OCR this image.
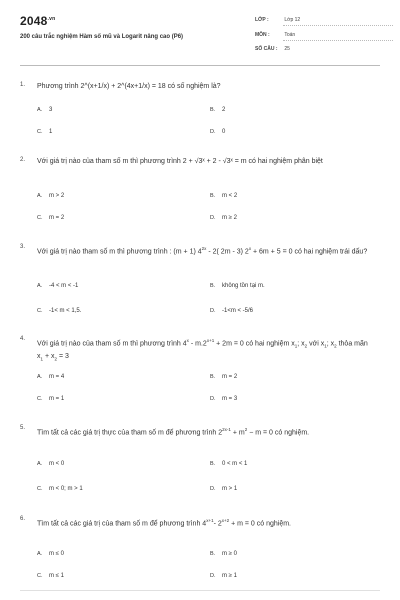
$2048^{.vn}$
200 câu trắc nghiệm Hàm số mũ và Logarit nâng cao (P6)
LỚP :	Lớp 12
MÔN :	Toán
SỐ CÂU : 25
1. Phương trình 2^(x+1/x) + 2^(4x+1/x) = 18 có số nghiệm là?
A. 3	B. 2
C. 1	D. 0
2. Với giá trị nào của tham số m thì phương trình 2 + √3ˣ + 2 - √3ˣ = m có hai nghiệm phân biệt
A. m > 2	B. m < 2
C. m = 2	D. m ≥ 2
3.
Với giá trị nào tham số m thì phương trình : (m + 1) $4^{2x} - 2$( 2m - 3) $2^x + 6m + 5 = 0$ có hai nghiệm trái dấu?
A. -4 < m < -1	B. không tồn tại m.
C. -1< m < 1,5.	D. -1<m < -5/6
4.
Với giá trị nào của tham số m thì phương trình $4^x - m.2^{x+1} + 2m = 0$ có hai nghiệm $x_1$; $x_2$ với $x_1$; $x_2$ thỏa mãn $x_1 + x_2 = 3$
A. m = 4	B. m = 2
C. m = 1	D. m = 3
5.
Tìm tất cả các giá trị thực của tham số m để phương trình $2^{2x-1} + m^2 - m = 0$ có nghiệm.
A. m < 0	B. 0 < m < 1
C. m < 0; m > 1	D. m > 1
6.
Tìm tất cả các giá trị của tham số m để phương trình $4^{x+1}-$ $2^{x+2} + m = 0$ có nghiệm.
A. m ≤ 0	B. m ≥ 0
C. m ≤ 1	D. m ≥ 1
